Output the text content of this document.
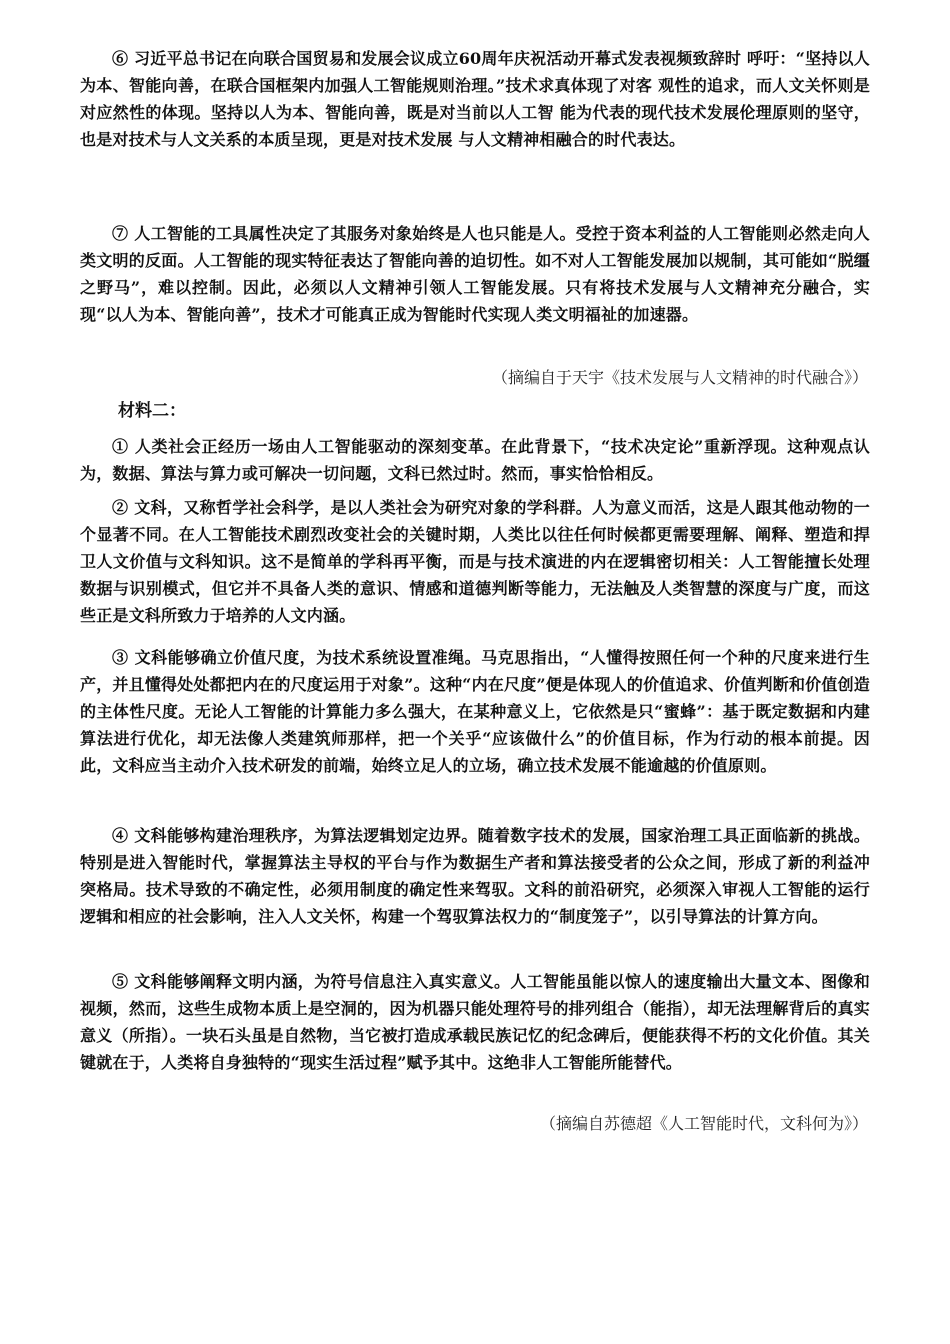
⑥ 习近平总书记在向联合国贸易和发展会议成立60周年庆祝活动开幕式发表视频致辞时 呼吁：“坚持以人为本、智能向善，在联合国框架内加强人工智能规则治理。”技术求真体现了对客 观性的追求，而人文关怀则是对应然性的体现。坚持以人为本、智能向善，既是对当前以人工智 能为代表的现代技术发展伦理原则的坚守，也是对技术与人文关系的本质呈现，更是对技术发展 与人文精神相融合的时代表达。

⑦ 人工智能的工具属性决定了其服务对象始终是人也只能是人。受控于资本利益的人工智能则必然走向人类文明的反面。人工智能的现实特征表达了智能向善的迫切性。如不对人工智能发展加以规制，其可能如“脱缰之野马”，难以控制。因此，必须以人文精神引领人工智能发展。只有将技术发展与人文精神充分融合，实现“以人为本、智能向善”，技术才可能真正成为智能时代实现人类文明福祉的加速器。

（摘编自于天宇《技术发展与人文精神的时代融合》）

材料二：

① 人类社会正经历一场由人工智能驱动的深刻变革。在此背景下，“技术决定论”重新浮现。这种观点认为，数据、算法与算力或可解决一切问题，文科已然过时。然而，事实恰恰相反。

② 文科，又称哲学社会科学，是以人类社会为研究对象的学科群。人为意义而活，这是人跟其他动物的一个显著不同。在人工智能技术剧烈改变社会的关键时期，人类比以往任何时候都更需要理解、阐释、塑造和捍卫人文价值与文科知识。这不是简单的学科再平衡，而是与技术演进的内在逻辑密切相关：人工智能擅长处理数据与识别模式，但它并不具备人类的意识、情感和道德判断等能力，无法触及人类智慧的深度与广度，而这些正是文科所致力于培养的人文内涵。

③ 文科能够确立价值尺度，为技术系统设置准绳。马克思指出，“人懂得按照任何一个种的尺度来进行生产，并且懂得处处都把内在的尺度运用于对象”。这种“内在尺度”便是体现人的价值追求、价值判断和价值创造的主体性尺度。无论人工智能的计算能力多么强大，在某种意义上，它依然是只“蜜蜂”：基于既定数据和内建算法进行优化，却无法像人类建筑师那样，把一个关乎“应该做什么”的价值目标，作为行动的根本前提。因此，文科应当主动介入技术研发的前端，始终立足人的立场，确立技术发展不能逾越的价值原则。

④ 文科能够构建治理秩序，为算法逻辑划定边界。随着数字技术的发展，国家治理工具正面临新的挑战。特别是进入智能时代，掌握算法主导权的平台与作为数据生产者和算法接受者的公众之间，形成了新的利益冲突格局。技术导致的不确定性，必须用制度的确定性来驾驭。文科的前沿研究，必须深入审视人工智能的运行逻辑和相应的社会影响，注入人文关怀，构建一个驾驭算法权力的“制度笼子”，以引导算法的计算方向。

⑤ 文科能够阐释文明内涵，为符号信息注入真实意义。人工智能虽能以惊人的速度输出大量文本、图像和视频，然而，这些生成物本质上是空洞的，因为机器只能处理符号的排列组合（能指），却无法理解背后的真实意义（所指）。一块石头虽是自然物，当它被打造成承载民族记忆的纪念碑后，便能获得不朽的文化价值。其关键就在于，人类将自身独特的“现实生活过程”赋予其中。这绝非人工智能所能替代。

（摘编自苏德超《人工智能时代，文科何为》）
